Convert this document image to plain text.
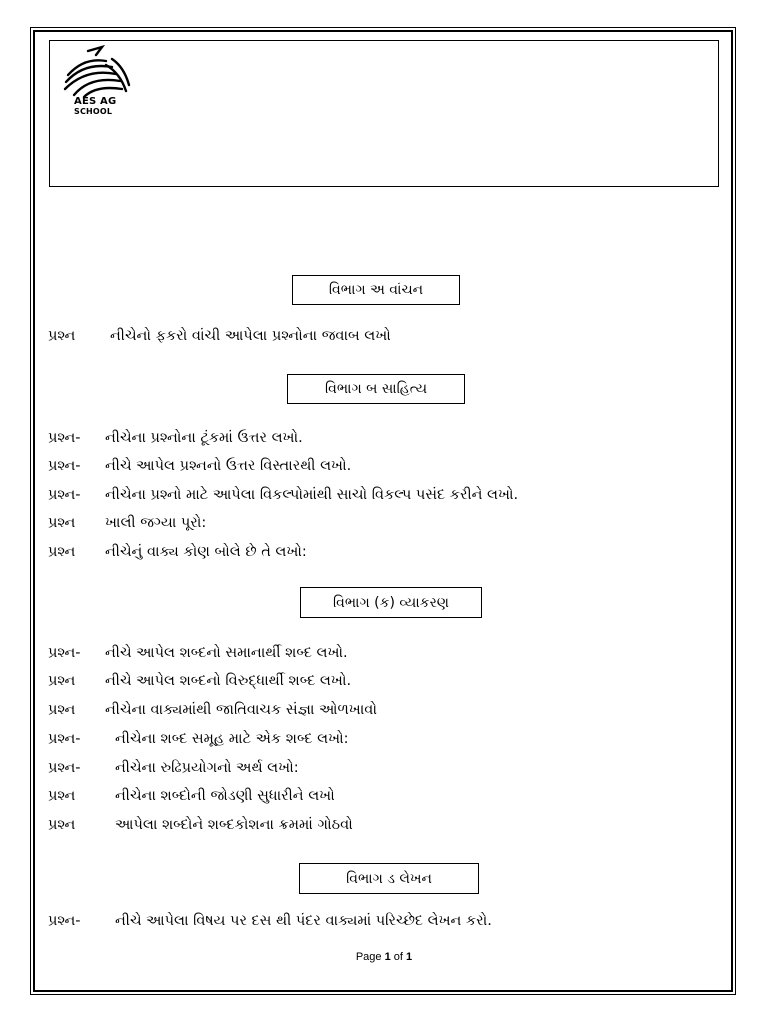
AES AG
SCHOOL
વિભાગ અ વાંચન
વિભાગ બ સાહિત્ય
વિભાગ (ક) વ્યાકરણ
વિભાગ ડ લેખન
પ્રશ્ન નીચેનો ફકરો વાંચી આપેલા પ્રશ્નોના જવાબ લખો
પ્રશ્ન- નીચેના પ્રશ્નોના ટૂંકમાં ઉત્તર લખો.
પ્રશ્ન- નીચે આપેલ પ્રશ્નનો ઉત્તર વિસ્તારથી લખો.
પ્રશ્ન- નીચેના પ્રશ્નો માટે આપેલા વિકલ્પોમાંથી સાચો વિકલ્પ પસંદ કરીને લખો.
પ્રશ્ન ખાલી જગ્યા પૂરો:
પ્રશ્ન નીચેનું વાક્ય કોણ બોલે છે તે લખો:
પ્રશ્ન- નીચે આપેલ શબ્દનો સમાનાર્થી શબ્દ લખો.
પ્રશ્ન નીચે આપેલ શબ્દનો વિરુદ્ધાર્થી શબ્દ લખો.
પ્રશ્ન નીચેના વાક્યમાંથી જાતિવાચક સંજ્ઞા ઓળખાવો
પ્રશ્ન- નીચેના શબ્દ સમૂહ માટે એક શબ્દ લખો:
પ્રશ્ન- નીચેના રુઢિપ્રયોગનો અર્થ લખો:
પ્રશ્ન	નીચેના શબ્દોની જોડણી સુધારીને લખો
પ્રશ્ન	આપેલા શબ્દોને શબ્દકોશના ક્રમમાં ગોઠવો
પ્રશ્ન- નીચે આપેલા વિષય પર દસ થી પંદર વાક્યમાં પરિચ્છેદ લેખન કરો.
Page 1 of 1
